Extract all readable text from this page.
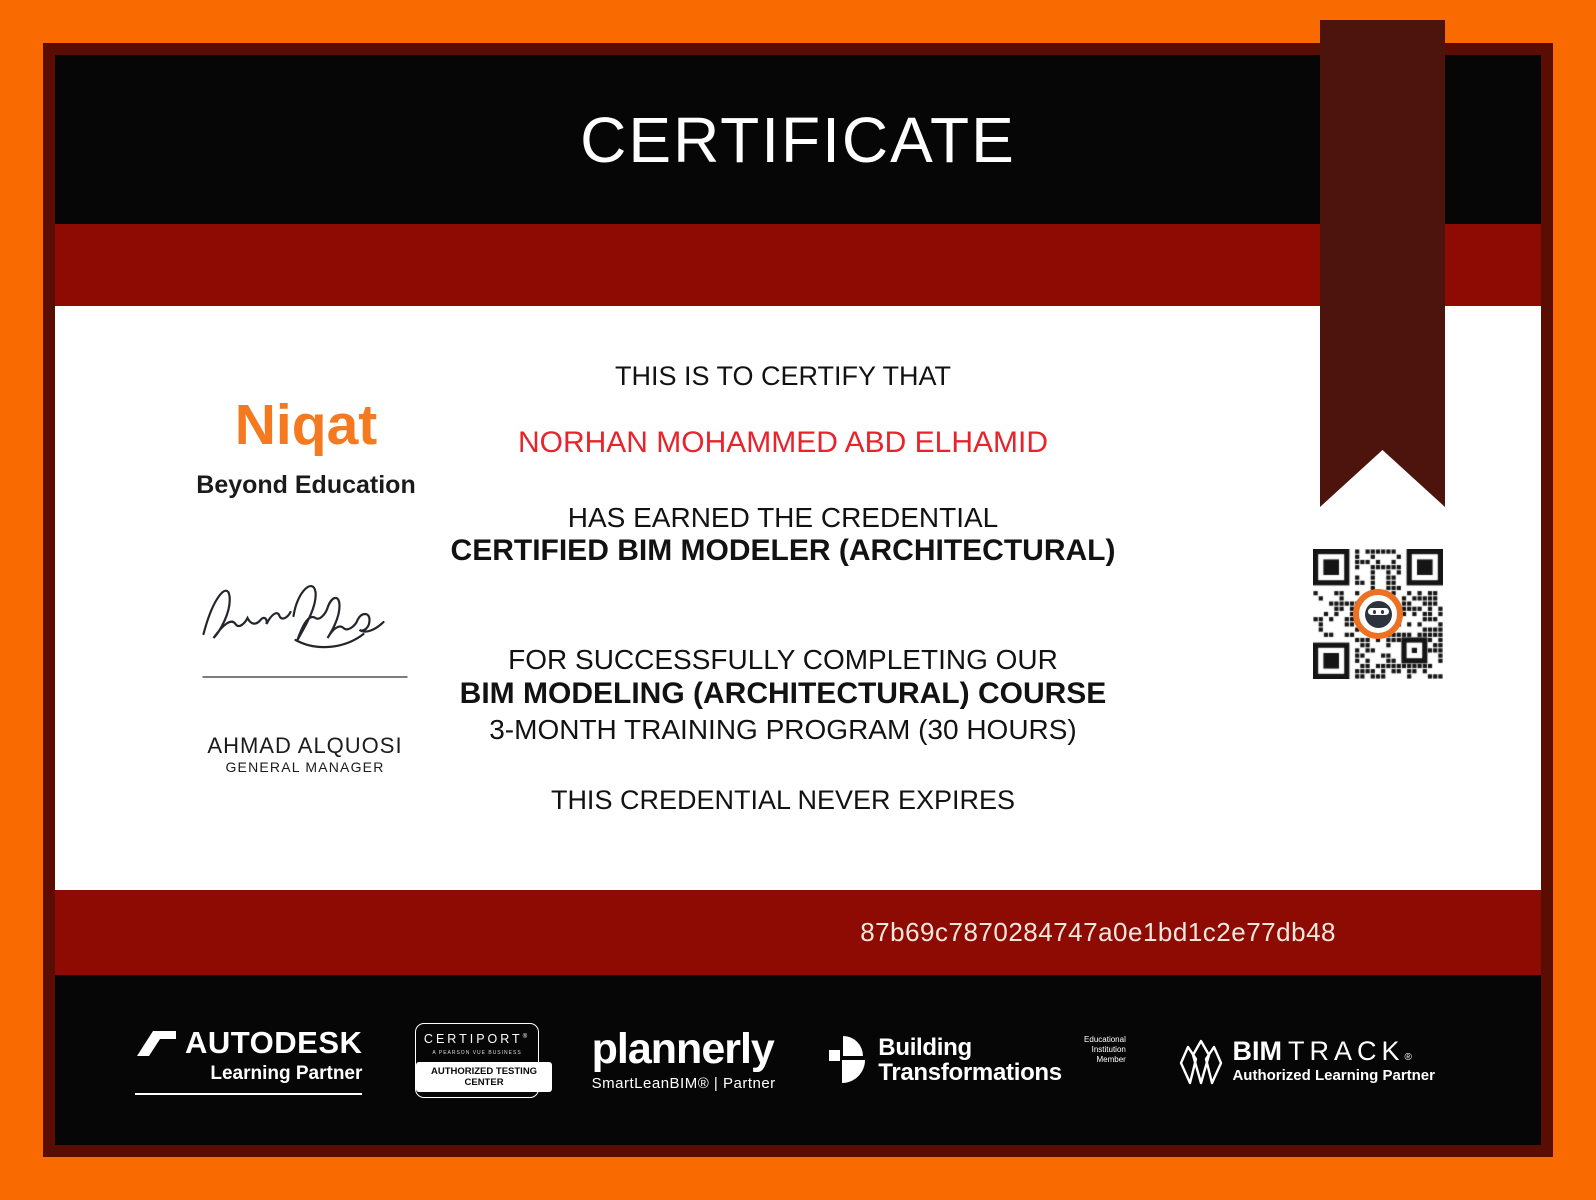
CERTIFICATE
Niqat
Beyond Education
AHMAD ALQUOSI
GENERAL MANAGER
THIS IS TO CERTIFY THAT
NORHAN MOHAMMED ABD ELHAMID
HAS EARNED THE CREDENTIAL
CERTIFIED BIM MODELER (ARCHITECTURAL)
FOR SUCCESSFULLY COMPLETING OUR
BIM MODELING (ARCHITECTURAL) COURSE
3-MONTH TRAINING PROGRAM (30 HOURS)
THIS CREDENTIAL NEVER EXPIRES
87b69c7870284747a0e1bd1c2e77db48
AUTODESK
Learning Partner
CERTIPORT®
A PEARSON VUE BUSINESS
AUTHORIZED TESTING CENTER
plannerly
SmartLeanBIM® | Partner
Building
Transformations
Educational Institution Member	BIM TRACK ®
Authorized Learning Partner
